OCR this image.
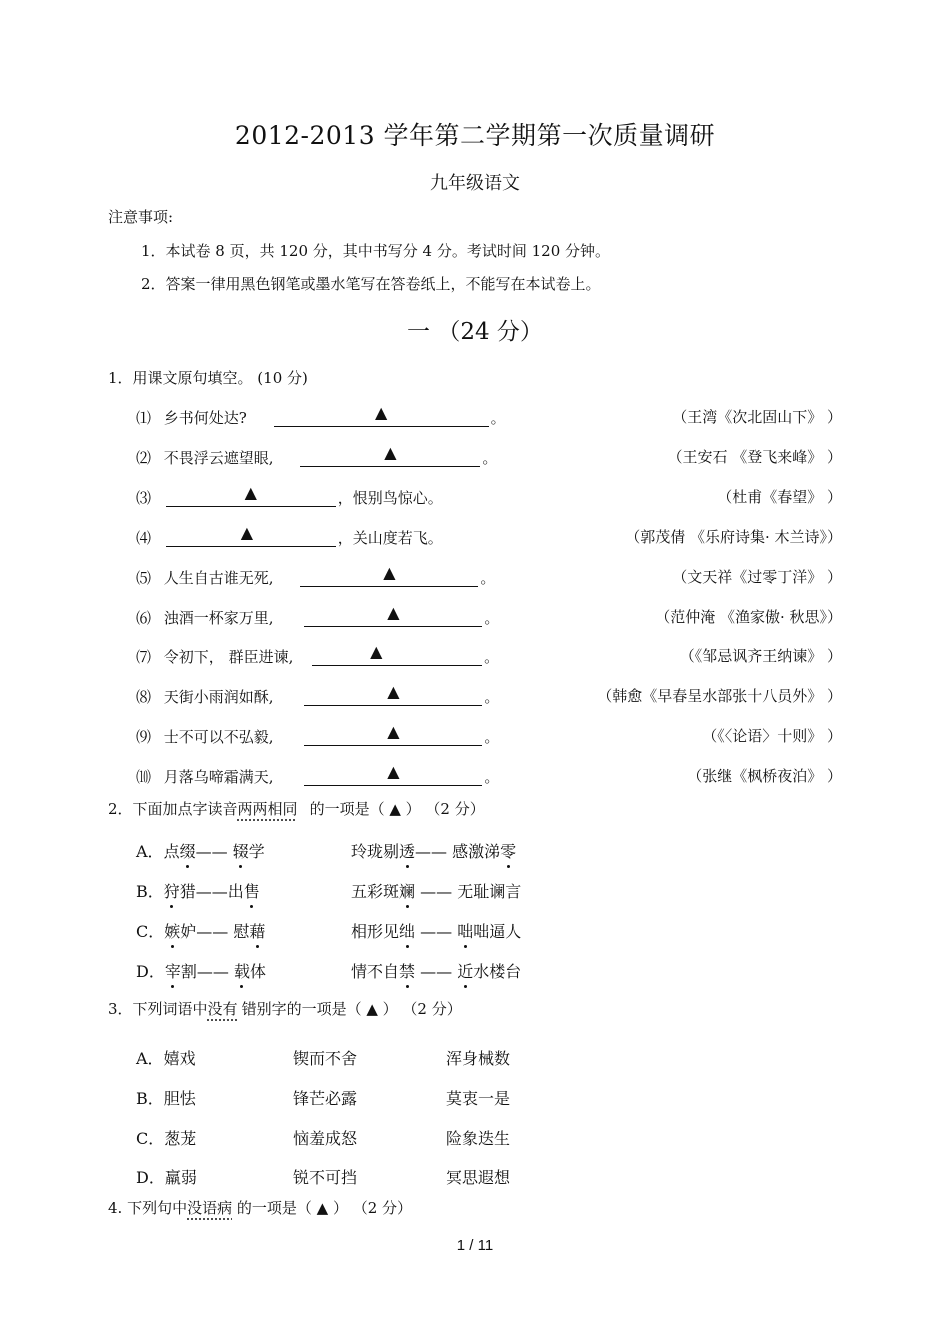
2012-2013 学年第二学期第一次质量调研
九年级语文
注意事项:
1．本试卷 8 页，共 120 分，其中书写分 4 分。考试时间 120 分钟。
2．答案一律用黑色钢笔或墨水笔写在答卷纸上，不能写在本试卷上。
一 （24 分）
1．用课文原句填空。 (10 分)
⑴ 乡书何处达?	▲	。	（王湾《次北固山下》 ）
⑵ 不畏浮云遮望眼,	▲	。	（王安石 《登飞来峰》 ）
⑶	▲	，恨别鸟惊心。	（杜甫《春望》 ）
⑷	▲	，关山度若飞。	（郭茂倩 《乐府诗集· 木兰诗》）
⑸ 人生自古谁无死,	▲	。	（文天祥《过零丁洋》 ）
⑹ 浊酒一杯家万里,	▲	。	（范仲淹 《渔家傲· 秋思》）
⑺ 令初下， 群臣进谏,	▲	。	（《邹忌讽齐王纳谏》 ）
⑻ 天街小雨润如酥,	▲	。	（韩愈《早春呈水部张十八员外》 ）
⑼ 士不可以不弘毅,	▲	。	（《〈论语〉十则》 ）
⑽ 月落乌啼霜满天,	▲	。	（张继《枫桥夜泊》 ）
2．下面加点字读音两两相同 的一项是（ ▲ ） （2 分）
A．点缀—— 辍学	玲珑剔透—— 感激涕零
B．狩猎——出售	五彩斑斓 —— 无耻谰言
C．嫉妒—— 慰藉	相形见绌 —— 咄咄逼人
D．宰割—— 载体	情不自禁 —— 近水楼台
3．下列词语中没有 错别字的一项是（ ▲ ） （2 分）
A．嬉戏	锲而不舍	浑身械数
B．胆怯	锋芒必露	莫衷一是
C．葱茏	恼羞成怒	险象迭生
D．羸弱	锐不可挡	冥思遐想
4. 下列句中没语病 的一项是（ ▲ ） （2 分）
1 / 11
